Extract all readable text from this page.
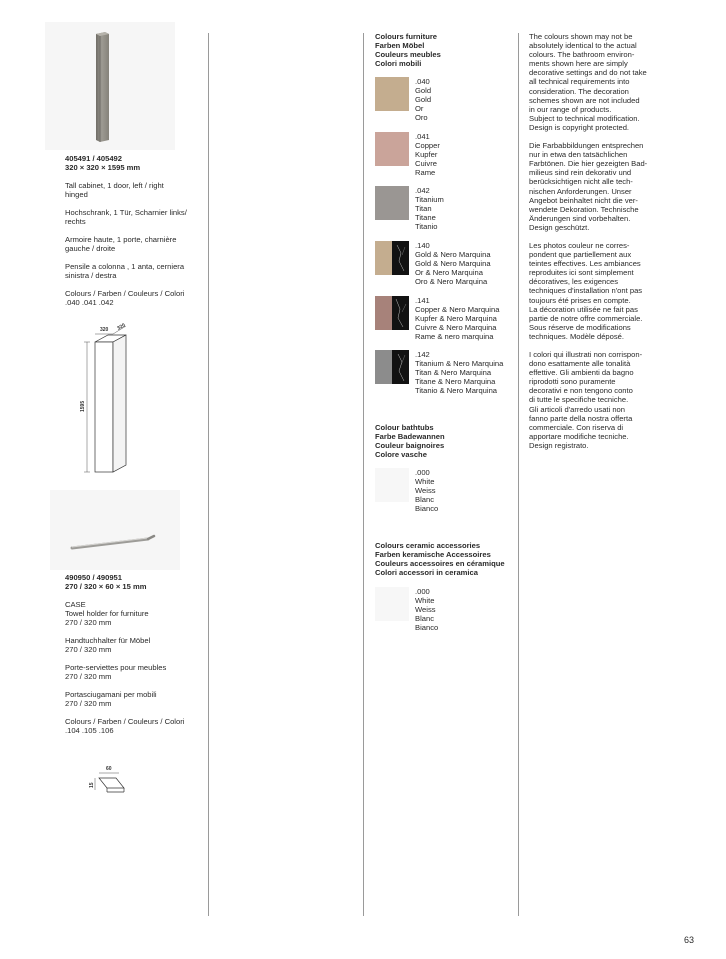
405491 / 405492

320 × 320 × 1595 mm

Tall cabinet, 1 door, left / right

hinged

Hochschrank, 1 Tür, Scharnier links/

rechts

Armoire haute, 1 porte, charnière

gauche / droite

Pensile a colonna , 1 anta, cerniera

sinistra / destra

Colours / Farben / Couleurs / Colori

.040 .041 .042

320 320
1595

490950 / 490951

270 / 320 × 60 × 15 mm

CASE

Towel holder for furniture

270 / 320 mm

Handtuchhalter für Möbel

270 / 320 mm

Porte-serviettes pour meubles

270 / 320 mm

Portasciugamani per mobili

270 / 320 mm

Colours / Farben / Couleurs / Colori

.104 .105 .106

60
15

Colours furniture

Farben Möbel

Couleurs meubles

Colori mobili

.040

Gold

Gold

Or

Oro

.041

Copper

Kupfer

Cuivre

Rame

.042

Titanium

Titan

Titane

Titanio

.140

Gold & Nero Marquina

Gold & Nero Marquina

Or & Nero Marquina

Oro & Nero Marquina

.141

Copper & Nero Marquina

Kupfer & Nero Marquina

Cuivre & Nero Marquina

Rame & nero marquina

.142

Titanium & Nero Marquina

Titan & Nero Marquina

Titane & Nero Marquina

Titanio & Nero Marquina

Colour bathtubs

Farbe Badewannen

Couleur baignoires

Colore vasche

.000

White

Weiss

Blanc

Bianco

Colours ceramic accessories

Farben keramische Accessoires

Couleurs accessoires en céramique

Colori accessori in ceramica

.000

White

Weiss

Blanc

Bianco

The colours shown may not be

absolutely identical to the actual

colours. The bathroom environ-

ments shown here are simply

decorative settings and do not take

all technical requirements into

consideration. The decoration

schemes shown are not included

in our range of products.

Subject to technical modification.

Design is copyright protected.

Die Farbabbildungen entsprechen

nur in etwa den tatsächlichen

Farbtönen. Die hier gezeigten Bad-

milieus sind rein dekorativ und

berücksichtigen nicht alle tech-

nischen Anforderungen. Unser

Angebot beinhaltet nicht die ver-

wendete Dekoration. Technische

Änderungen sind vorbehalten.

Design geschützt.

Les photos couleur ne corres-

pondent que partiellement aux

teintes effectives. Les ambiances

reproduites ici sont simplement

décoratives, les exigences

techniques d'installation n'ont pas

toujours été prises en compte.

La décoration utilisée ne fait pas

partie de notre offre commerciale.

Sous réserve de modifications

techniques. Modèle déposé.

I colori qui illustrati non corrispon-

dono esattamente alle tonalità

effettive. Gli ambienti da bagno

riprodotti sono puramente

decorativi e non tengono conto

di tutte le specifiche tecniche.

Gli articoli d'arredo usati non

fanno parte della nostra offerta

commerciale. Con riserva di

apportare modifiche tecniche.

Design registrato.

63
